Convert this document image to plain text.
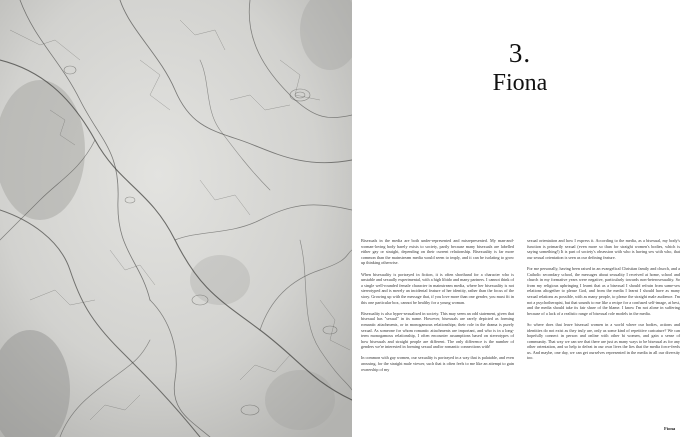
3.
Fiona

Bisexuals in the media are both under-represented and misrepresented. My man-and-woman-loving body barely exists to society, partly because many bisexuals are labelled either gay or straight, depending on their current relationship. Bisexuality is far more common than the mainstream media would seem to imply, and it can be isolating to grow up thinking otherwise.

When bisexuality is portrayed in fiction, it is often shorthand for a character who is unstable and sexually experimental, with a high libido and many partners. I cannot think of a single well-rounded female character in mainstream media, where her bisexuality is not stereotyped and is merely an incidental feature of her identity, rather than the focus of the story. Growing up with the message that, if you love more than one gender, you must fit in this one particular box, cannot be healthy for a young woman.

Bisexuality is also hyper-sexualised in society. This may seem an odd statement, given that bisexual has "sexual" in its name. However, bisexuals are rarely depicted as forming romantic attachments, or in monogamous relationships; their role in the drama is purely sexual. As someone for whom romantic attachments are important, and who is in a long-term monogamous relationship, I often encounter assumptions based on stereotypes of how bisexuals and straight people are different. The only difference is the number of genders we're interested in forming sexual and/or romantic connections with!

In common with gay women, our sexuality is portrayed in a way that is palatable, and even arousing, for the straight male viewer, such that is often feels to me like an attempt to gain ownership of my

sexual orientation and how I express it. According to the media, as a bisexual, my body's function is primarily sexual (even more so than for straight women's bodies, which is saying something!) It is part of society's obsession with who is having sex with who, that our sexual orientation is seen as our defining feature.

For me personally, having been raised in an evangelical Christian family and church, and a Catholic secondary school, the messages about sexuality I received at home, school and church in my formative years were negative, particularly towards non-heterosexuality. So from my religious upbringing I learnt that as a bisexual I should refrain from same-sex relations altogether to please God, and from the media I learnt I should have as many sexual relations as possible, with as many people, to please the straight male audience. I'm not a psychotherapist, but that sounds to me like a recipe for a confused self-image, at best, and the media should take its fair share of the blame. I know I'm not alone in suffering because of a lack of a realistic range of bisexual role models in the media.

So where does that leave bisexual women in a world where our bodies, actions and identities do not exist as they truly are, only as some kind of repetitive caricature? We can hopefully connect in person and online with other bi women, and gain a sense of community. That way we can see that there are just as many ways to be bisexual as for any other orientation, and so help to defeat in our own lives the lies that the media force-feeds us. And maybe, one day, we can get ourselves represented in the media in all our diversity too.

Fiona
